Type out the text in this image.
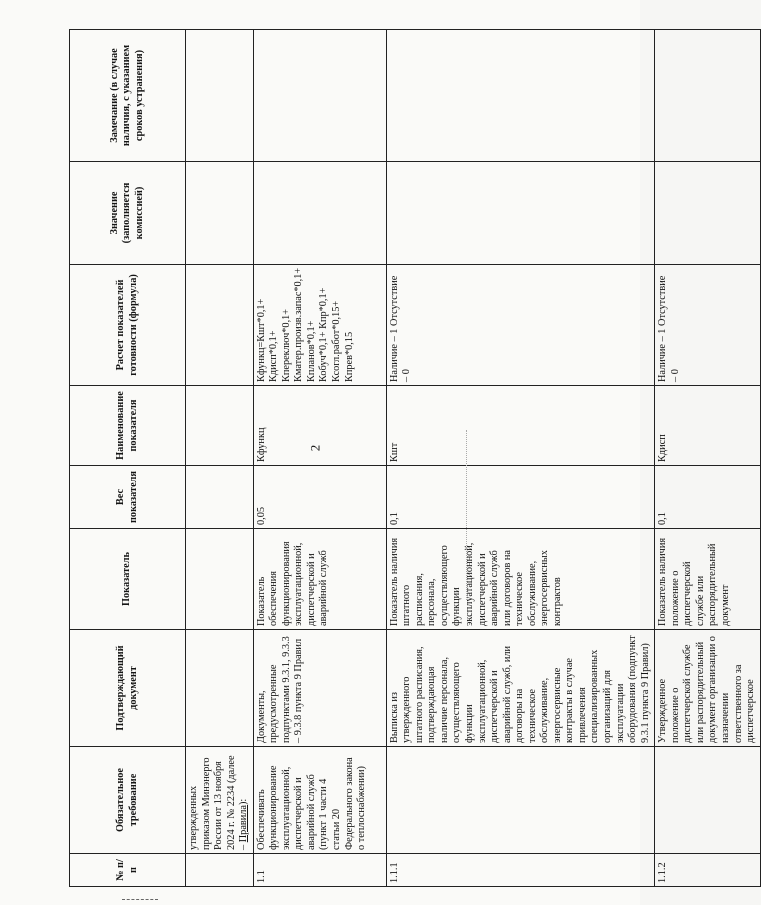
2
№ п/п	Обязательное требование	Подтверждающий документ	Показатель	Вес показателя	Наименование показателя	Расчет показателей готовности (формула)	Значение (заполняется комиссией)	Замечание (в случае наличия, с указанием сроков устранения)
	утвержденных приказом Минэнерго России от 13 ноября 2024 г. № 2234 (далее – Правила):							
1.1	Обеспечивать функционирование эксплуатационной, диспетчерской и аварийной служб (пункт 1 части 4 статьи 20 Федерального закона о теплоснабжении)	Документы, предусмотренные подпунктами 9.3.1, 9.3.3 – 9.3.8 пункта 9 Правил	Показатель обеспечения функционирования эксплуатационной, диспетчерской и аварийной служб	0,05	Кфункц	Кфункц=Кшт*0,1+ Кдисп*0,1+ Кпереключ*0,1+ Кматер.произв.запас*0,1+ Кпланов*0,1+ Кобуч*0,1+ Кпр*0,1+ Ксогл.работ*0,15+ Кпрев*0,15		
1.1.1		Выписка из утвержденного штатного расписания, подтверждающая наличие персонала, осуществляющего функции эксплуатационной, диспетчерской и аварийной служб, или договоры на техническое обслуживание, энергосервисные контракты в случае привлечения специализированных организаций для эксплуатации оборудования (подпункт 9.3.1 пункта 9 Правил)	Показатель наличия штатного расписания, персонала, осуществляющего функции эксплуатационной, диспетчерской и аварийной служб или договоров на техническое обслуживание, энергосервисных контрактов	0,1	Кшт	Наличие – 1 Отсутствие – 0		
1.1.2		Утвержденное положение о диспетчерской службе или распорядительный документ организации о назначении ответственного за диспетчерское	Показатель наличия положение о диспетчерской службе или распорядительный документ	0,1	Кдисп	Наличие – 1 Отсутствие – 0		
